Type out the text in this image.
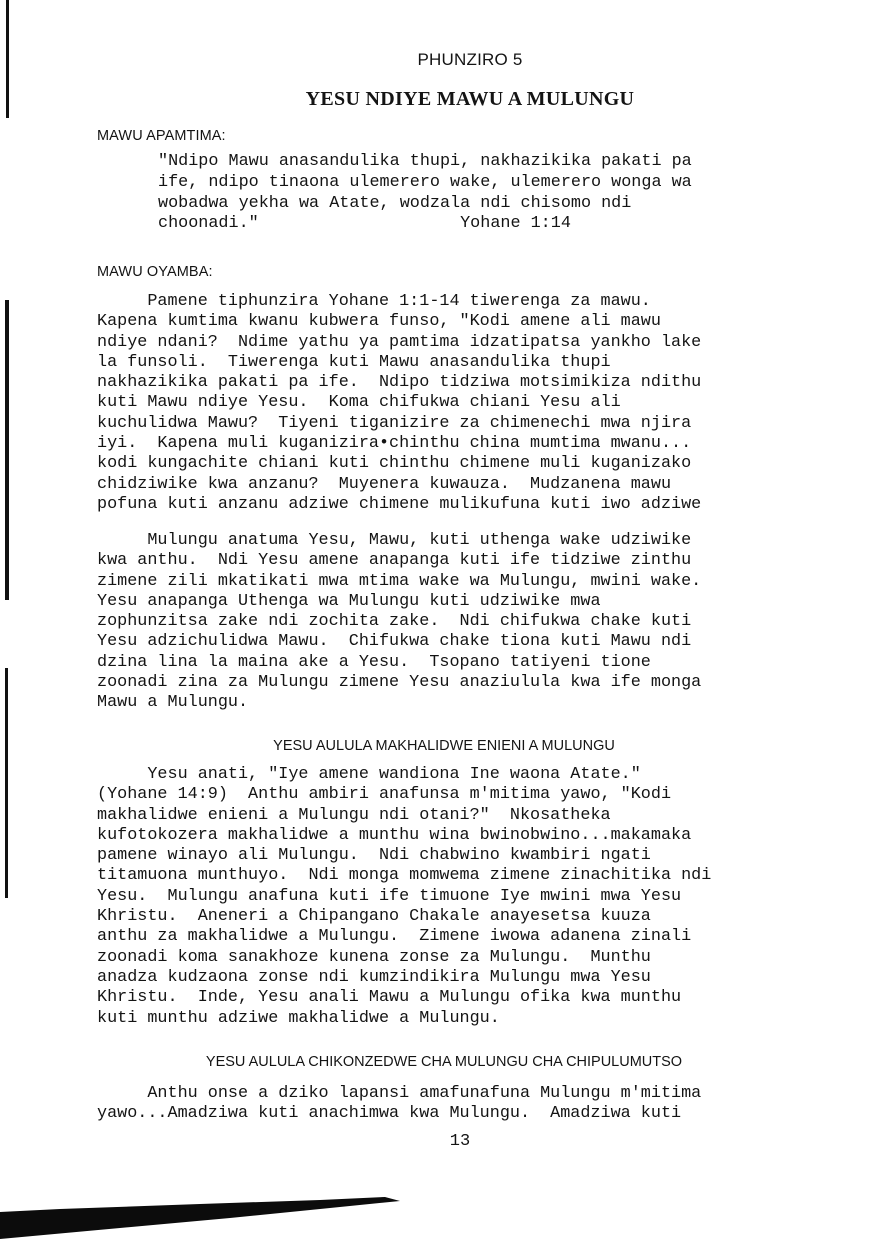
PHUNZIRO 5
YESU NDIYE MAWU A MULUNGU
MAWU APAMTIMA:
"Ndipo Mawu anasandulika thupi, nakhazikika pakati pa
ife, ndipo tinaona ulemerero wake, ulemerero wonga wa
wobadwa yekha wa Atate, wodzala ndi chisomo ndi
choonadi."                    Yohane 1:14
MAWU OYAMBA:
Pamene tiphunzira Yohane 1:1-14 tiwerenga za mawu.
Kapena kumtima kwanu kubwera funso, "Kodi amene ali mawu
ndiye ndani?  Ndime yathu ya pamtima idzatipatsa yankho lake
la funsoli.  Tiwerenga kuti Mawu anasandulika thupi
nakhazikika pakati pa ife.  Ndipo tidziwa motsimikiza ndithu
kuti Mawu ndiye Yesu.  Koma chifukwa chiani Yesu ali
kuchulidwa Mawu?  Tiyeni tiganizire za chimenechi mwa njira
iyi.  Kapena muli kuganizira•chinthu china mumtima mwanu...
kodi kungachite chiani kuti chinthu chimene muli kuganizako
chidziwike kwa anzanu?  Muyenera kuwauza.  Mudzanena mawu
pofuna kuti anzanu adziwe chimene mulikufuna kuti iwo adziwe
Mulungu anatuma Yesu, Mawu, kuti uthenga wake udziwike
kwa anthu.  Ndi Yesu amene anapanga kuti ife tidziwe zinthu
zimene zili mkatikati mwa mtima wake wa Mulungu, mwini wake.
Yesu anapanga Uthenga wa Mulungu kuti udziwike mwa
zophunzitsa zake ndi zochita zake.  Ndi chifukwa chake kuti
Yesu adzichulidwa Mawu.  Chifukwa chake tiona kuti Mawu ndi
dzina lina la maina ake a Yesu.  Tsopano tatiyeni tione
zoonadi zina za Mulungu zimene Yesu anaziulula kwa ife monga
Mawu a Mulungu.
YESU AULULA MAKHALIDWE ENIENI A MULUNGU
Yesu anati, "Iye amene wandiona Ine waona Atate."
(Yohane 14:9)  Anthu ambiri anafunsa m'mitima yawo, "Kodi
makhalidwe enieni a Mulungu ndi otani?"  Nkosatheka
kufotokozera makhalidwe a munthu wina bwinobwino...makamaka
pamene winayo ali Mulungu.  Ndi chabwino kwambiri ngati
titamuona munthuyo.  Ndi monga momwema zimene zinachitika ndi
Yesu.  Mulungu anafuna kuti ife timuone Iye mwini mwa Yesu
Khristu.  Aneneri a Chipangano Chakale anayesetsa kuuza
anthu za makhalidwe a Mulungu.  Zimene iwowa adanena zinali
zoonadi koma sanakhoze kunena zonse za Mulungu.  Munthu
anadza kudzaona zonse ndi kumzindikira Mulungu mwa Yesu
Khristu.  Inde, Yesu anali Mawu a Mulungu ofika kwa munthu
kuti munthu adziwe makhalidwe a Mulungu.
YESU AULULA CHIKONZEDWE CHA MULUNGU CHA CHIPULUMUTSO
Anthu onse a dziko lapansi amafunafuna Mulungu m'mitima
yawo...Amadziwa kuti anachimwa kwa Mulungu.  Amadziwa kuti
13
